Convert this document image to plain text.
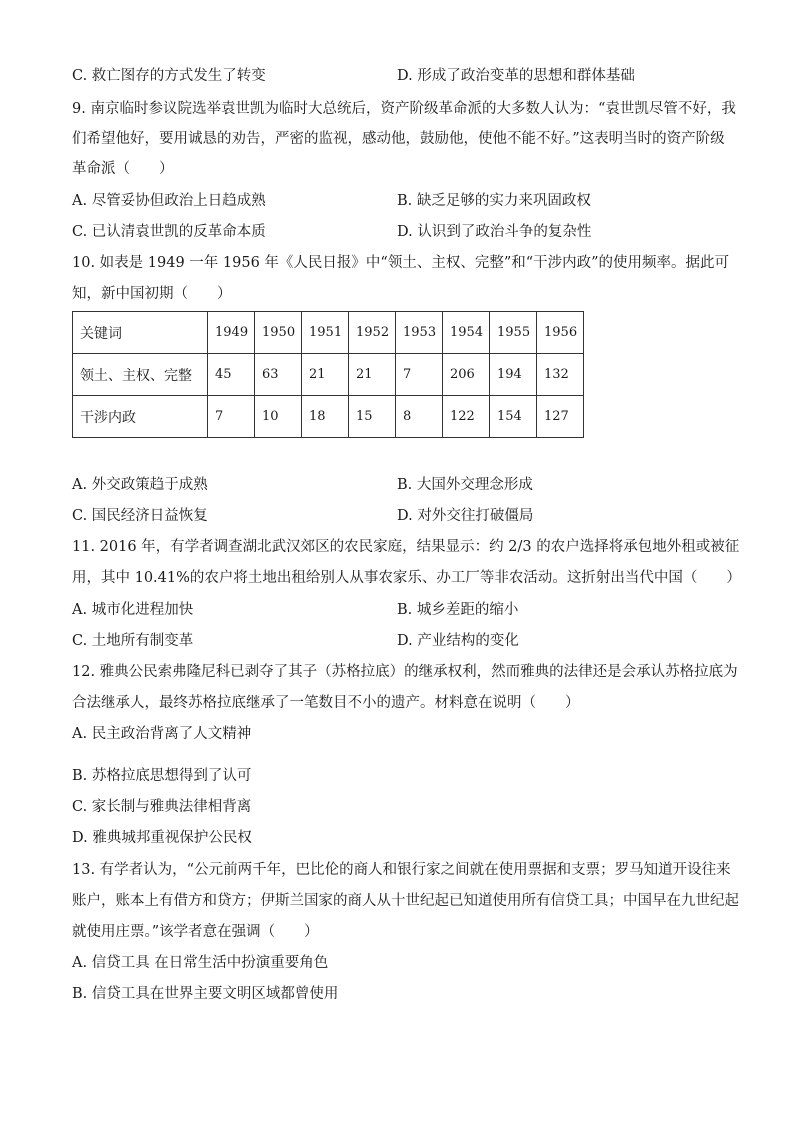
C. 救亡图存的方式发生了转变	D. 形成了政治变革的思想和群体基础
9. 南京临时参议院选举袁世凯为临时大总统后，资产阶级革命派的大多数人认为：“袁世凯尽管不好，我
们希望他好，要用诚恳的劝告，严密的监视，感动他，鼓励他，使他不能不好。”这表明当时的资产阶级
革命派（　　）
A. 尽管妥协但政治上日趋成熟	B. 缺乏足够的实力来巩固政权
C. 已认清袁世凯的反革命本质	D. 认识到了政治斗争的复杂性
10. 如表是 1949 一年 1956 年《人民日报》中“领土、主权、完整”和“干涉内政”的使用频率。据此可
知，新中国初期（　　）
关键词	1949	1950	1951	1952	1953	1954	1955	1956
领土、主权、完整	45	63	21	21	7	206	194	132
干涉内政	7	10	18	15	8	122	154	127
A. 外交政策趋于成熟	B. 大国外交理念形成
C. 国民经济日益恢复	D. 对外交往打破僵局
11. 2016 年，有学者调查湖北武汉郊区的农民家庭，结果显示：约 2/3 的农户选择将承包地外租或被征
用，其中 10.41%的农户将土地出租给别人从事农家乐、办工厂等非农活动。这折射出当代中国（　　）
A. 城市化进程加快	B. 城乡差距的缩小
C. 土地所有制变革	D. 产业结构的变化
12. 雅典公民索弗隆尼科已剥夺了其子（苏格拉底）的继承权利，然而雅典的法律还是会承认苏格拉底为
合法继承人，最终苏格拉底继承了一笔数目不小的遗产。材料意在说明（　　）
A. 民主政治背离了人文精神
B. 苏格拉底思想得到了认可
C. 家长制与雅典法律相背离
D. 雅典城邦重视保护公民权
13. 有学者认为，“公元前两千年，巴比伦的商人和银行家之间就在使用票据和支票；罗马知道开设往来
账户，账本上有借方和贷方；伊斯兰国家的商人从十世纪起已知道使用所有信贷工具；中国早在九世纪起
就使用庄票。”该学者意在强调（　　）
A. 信贷工具 在日常生活中扮演重要角色
B. 信贷工具在世界主要文明区域都曾使用
